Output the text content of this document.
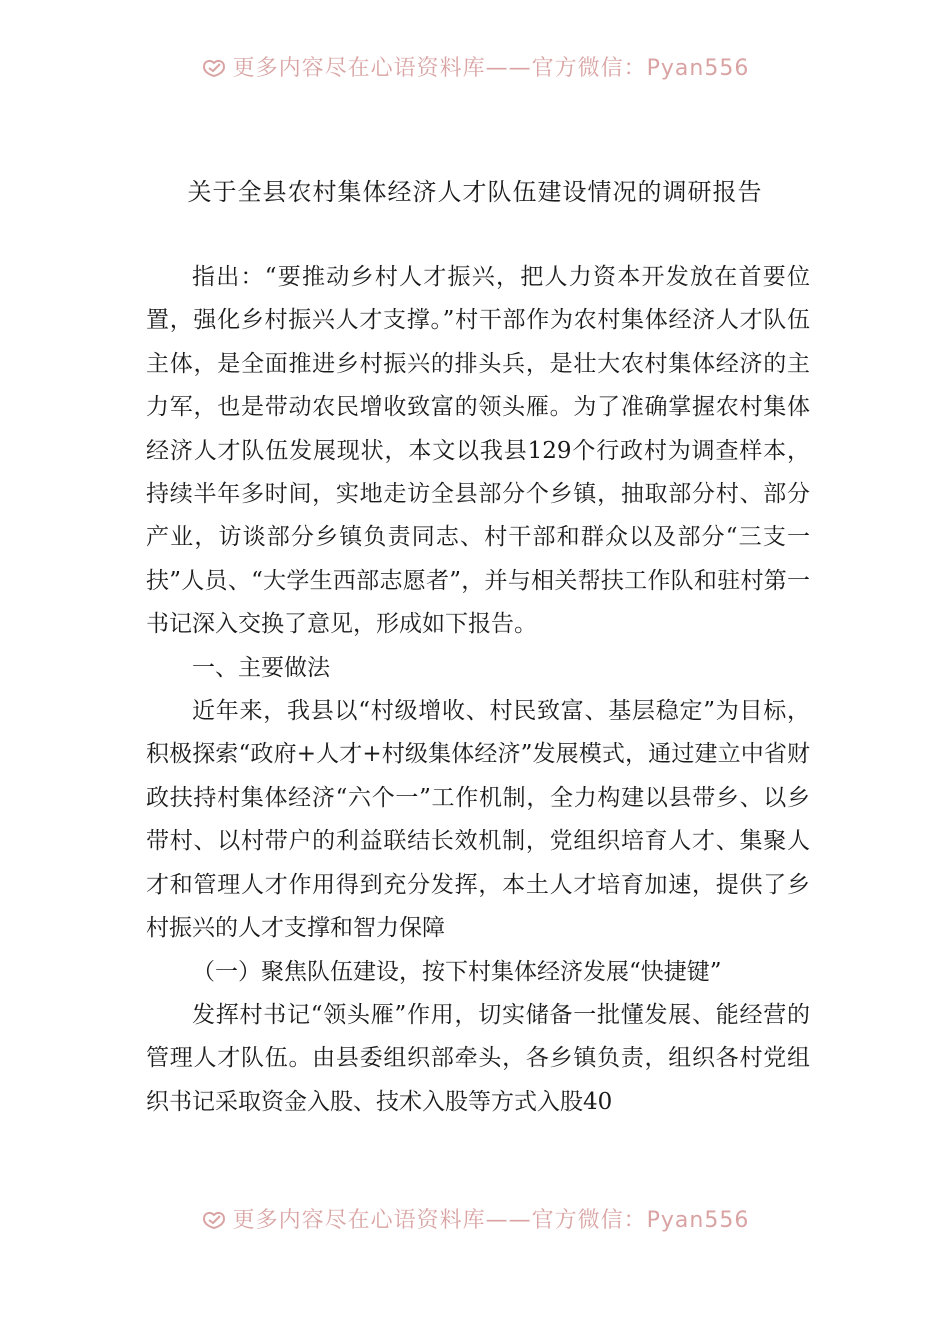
更多内容尽在心语资料库——官方微信：Pyan556
关于全县农村集体经济人才队伍建设情况的调研报告

指出：“要推动乡村人才振兴，把人力资本开发放在首要位置，强化乡村振兴人才支撑。”村干部作为农村集体经济人才队伍主体，是全面推进乡村振兴的排头兵，是壮大农村集体经济的主力军，也是带动农民增收致富的领头雁。为了准确掌握农村集体经济人才队伍发展现状，本文以我县129个行政村为调查样本，持续半年多时间，实地走访全县部分个乡镇，抽取部分村、部分产业，访谈部分乡镇负责同志、村干部和群众以及部分“三支一扶”人员、“大学生西部志愿者”，并与相关帮扶工作队和驻村第一书记深入交换了意见，形成如下报告。

一、主要做法

近年来，我县以“村级增收、村民致富、基层稳定”为目标，积极探索“政府+人才+村级集体经济”发展模式，通过建立中省财政扶持村集体经济“六个一”工作机制，全力构建以县带乡、以乡带村、以村带户的利益联结长效机制，党组织培育人才、集聚人才和管理人才作用得到充分发挥，本土人才培育加速，提供了乡村振兴的人才支撑和智力保障

（一）聚焦队伍建设，按下村集体经济发展“快捷键”

发挥村书记“领头雁”作用，切实储备一批懂发展、能经营的管理人才队伍。由县委组织部牵头，各乡镇负责，组织各村党组织书记采取资金入股、技术入股等方式入股40

更多内容尽在心语资料库——官方微信：Pyan556
